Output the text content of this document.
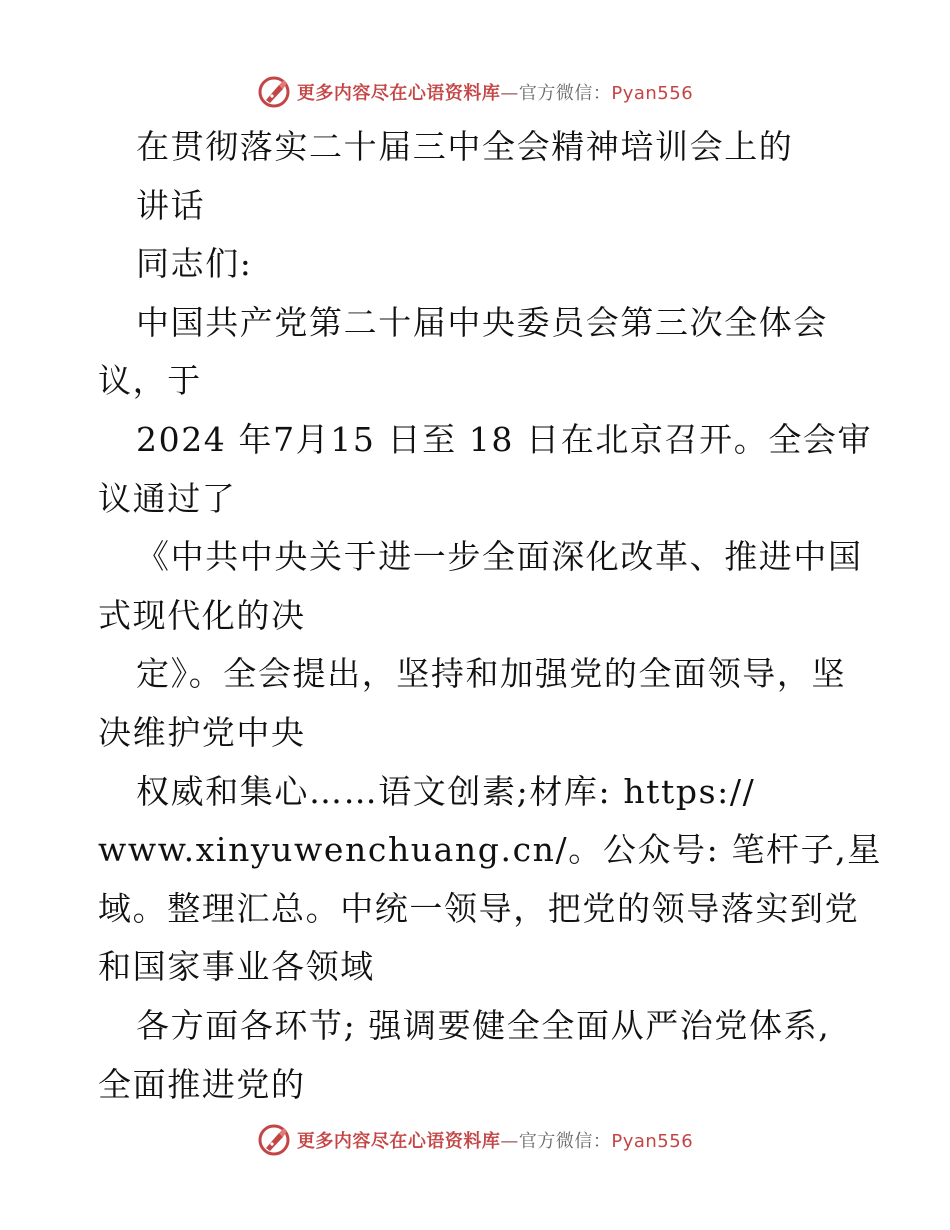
更多内容尽在心语资料库—官方微信：Pyan556
在贯彻落实二十届三中全会精神培训会上的
讲话
同志们:
中国共产党第二十届中央委员会第三次全体会
议，于
2024 年7月15 日至 18 日在北京召开。全会审
议通过了
《中共中央关于进一步全面深化改革、推进中国
式现代化的决
定》。全会提出，坚持和加强党的全面领导，坚
决维护党中央
权威和集心……语文创素;材库: https://
www.xinyuwenchuang.cn/。公众号: 笔杆子,星
域。整理汇总。中统一领导，把党的领导落实到党
和国家事业各领域
各方面各环节; 强调要健全全面从严治党体系,
全面推进党的
更多内容尽在心语资料库—官方微信：Pyan556
